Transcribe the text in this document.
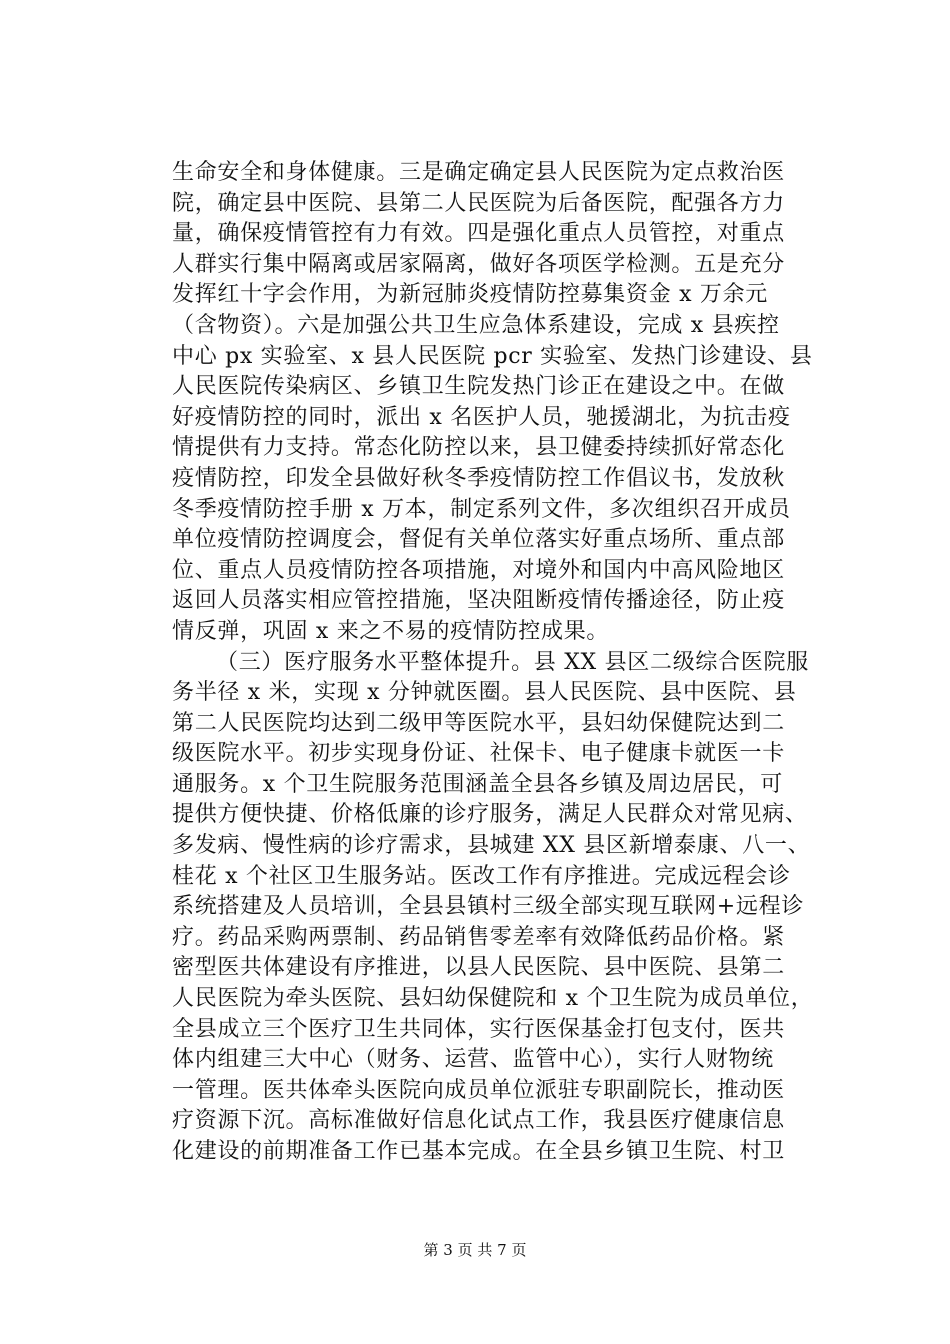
生命安全和身体健康。三是确定确定县人民医院为定点救治医
院，确定县中医院、县第二人民医院为后备医院，配强各方力
量，确保疫情管控有力有效。四是强化重点人员管控，对重点
人群实行集中隔离或居家隔离，做好各项医学检测。五是充分
发挥红十字会作用，为新冠肺炎疫情防控募集资金 x 万余元
（含物资）。六是加强公共卫生应急体系建设，完成 x 县疾控
中心 px 实验室、x 县人民医院 pcr 实验室、发热门诊建设、县
人民医院传染病区、乡镇卫生院发热门诊正在建设之中。在做
好疫情防控的同时，派出 x 名医护人员，驰援湖北，为抗击疫
情提供有力支持。常态化防控以来，县卫健委持续抓好常态化
疫情防控，印发全县做好秋冬季疫情防控工作倡议书，发放秋
冬季疫情防控手册 x 万本，制定系列文件，多次组织召开成员
单位疫情防控调度会，督促有关单位落实好重点场所、重点部
位、重点人员疫情防控各项措施，对境外和国内中高风险地区
返回人员落实相应管控措施，坚决阻断疫情传播途径，防止疫
情反弹，巩固 x 来之不易的疫情防控成果。
（三）医疗服务水平整体提升。县 XX 县区二级综合医院服
务半径 x 米，实现 x 分钟就医圈。县人民医院、县中医院、县
第二人民医院均达到二级甲等医院水平，县妇幼保健院达到二
级医院水平。初步实现身份证、社保卡、电子健康卡就医一卡
通服务。x 个卫生院服务范围涵盖全县各乡镇及周边居民，可
提供方便快捷、价格低廉的诊疗服务，满足人民群众对常见病、
多发病、慢性病的诊疗需求，县城建 XX 县区新增泰康、八一、
桂花 x 个社区卫生服务站。医改工作有序推进。完成远程会诊
系统搭建及人员培训，全县县镇村三级全部实现互联网+远程诊
疗。药品采购两票制、药品销售零差率有效降低药品价格。紧
密型医共体建设有序推进，以县人民医院、县中医院、县第二
人民医院为牵头医院、县妇幼保健院和 x 个卫生院为成员单位，
全县成立三个医疗卫生共同体，实行医保基金打包支付，医共
体内组建三大中心（财务、运营、监管中心），实行人财物统
一管理。医共体牵头医院向成员单位派驻专职副院长，推动医
疗资源下沉。高标准做好信息化试点工作，我县医疗健康信息
化建设的前期准备工作已基本完成。在全县乡镇卫生院、村卫
第 3 页 共 7 页
